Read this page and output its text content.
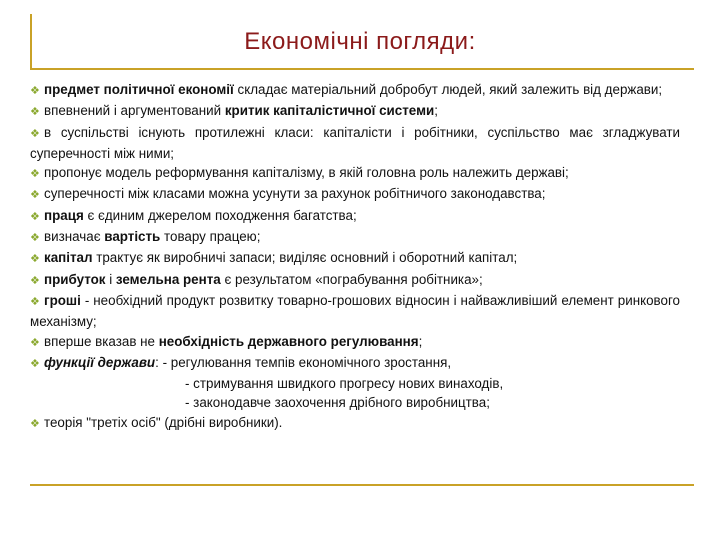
Економічні погляди:

❖ предмет політичної економії складає матеріальний добробут людей, який залежить від держави;

❖ впевнений і аргументований критик капіталістичної системи;

❖ в суспільстві існують протилежні класи: капіталісти і робітники, суспільство має згладжувати суперечності між ними;

❖ пропонує модель реформування капіталізму, в якій головна роль належить державі;

❖ суперечності між класами можна усунути за рахунок робітничого законодавства;

❖ праця є єдиним джерелом походження багатства;

❖ визначає вартість товару працею;

❖ капітал трактує як виробничі запаси; виділяє основний і оборотний капітал;

❖ прибуток і земельна рента є результатом «пограбування робітника»;

❖ гроші - необхідний продукт розвитку товарно-грошових відносин і найважливіший елемент ринкового механізму;

❖ вперше вказав не необхідність державного регулювання;

❖ функції держави: - регулювання темпів економічного зростання,

- стримування швидкого прогресу нових винаходів,

- законодавче заохочення дрібного виробництва;

❖ теорія "третіх осіб" (дрібні виробники).
